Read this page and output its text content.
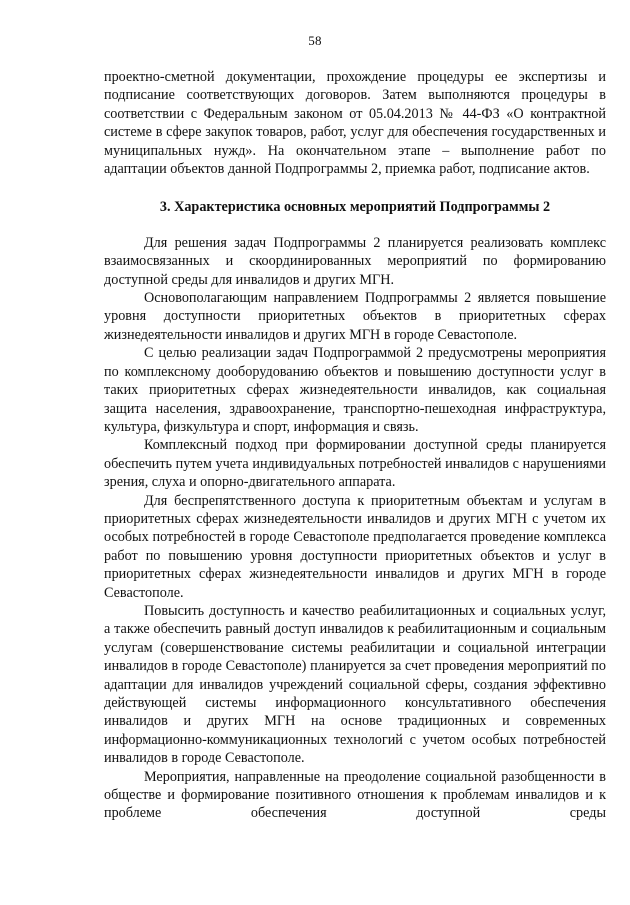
58

проектно-сметной документации, прохождение процедуры ее экспертизы и подписание соответствующих договоров. Затем выполняются процедуры в соответствии с Федеральным законом от 05.04.2013 № 44-ФЗ «О контрактной системе в сфере закупок товаров, работ, услуг для обеспечения государственных и муниципальных нужд». На окончательном этапе – выполнение работ по адаптации объектов данной Подпрограммы 2, приемка работ, подписание актов.

3. Характеристика основных мероприятий Подпрограммы 2

Для решения задач Подпрограммы 2 планируется реализовать комплекс взаимосвязанных и скоординированных мероприятий по формированию доступной среды для инвалидов и других МГН.

Основополагающим направлением Подпрограммы 2 является повышение уровня доступности приоритетных объектов в приоритетных сферах жизнедеятельности инвалидов и других МГН в городе Севастополе.

С целью реализации задач Подпрограммой 2 предусмотрены мероприятия по комплексному дооборудованию объектов и повышению доступности услуг в таких приоритетных сферах жизнедеятельности инвалидов, как социальная защита населения, здравоохранение, транспортно-пешеходная инфраструктура, культура, физкультура и спорт, информация и связь.

Комплексный подход при формировании доступной среды планируется обеспечить путем учета индивидуальных потребностей инвалидов с нарушениями зрения, слуха и опорно-двигательного аппарата.

Для беспрепятственного доступа к приоритетным объектам и услугам в приоритетных сферах жизнедеятельности инвалидов и других МГН с учетом их особых потребностей в городе Севастополе предполагается проведение комплекса работ по повышению уровня доступности приоритетных объектов и услуг в приоритетных сферах жизнедеятельности инвалидов и других МГН в городе Севастополе.

Повысить доступность и качество реабилитационных и социальных услуг, а также обеспечить равный доступ инвалидов к реабилитационным и социальным услугам (совершенствование системы реабилитации и социальной интеграции инвалидов в городе Севастополе) планируется за счет проведения мероприятий по адаптации для инвалидов учреждений социальной сферы, создания эффективно действующей системы информационного консультативного обеспечения инвалидов и других МГН на основе традиционных и современных информационно-коммуникационных технологий с учетом особых потребностей инвалидов в городе Севастополе.

Мероприятия, направленные на преодоление социальной разобщенности в обществе и формирование позитивного отношения к проблемам инвалидов и к проблеме обеспечения доступной среды
